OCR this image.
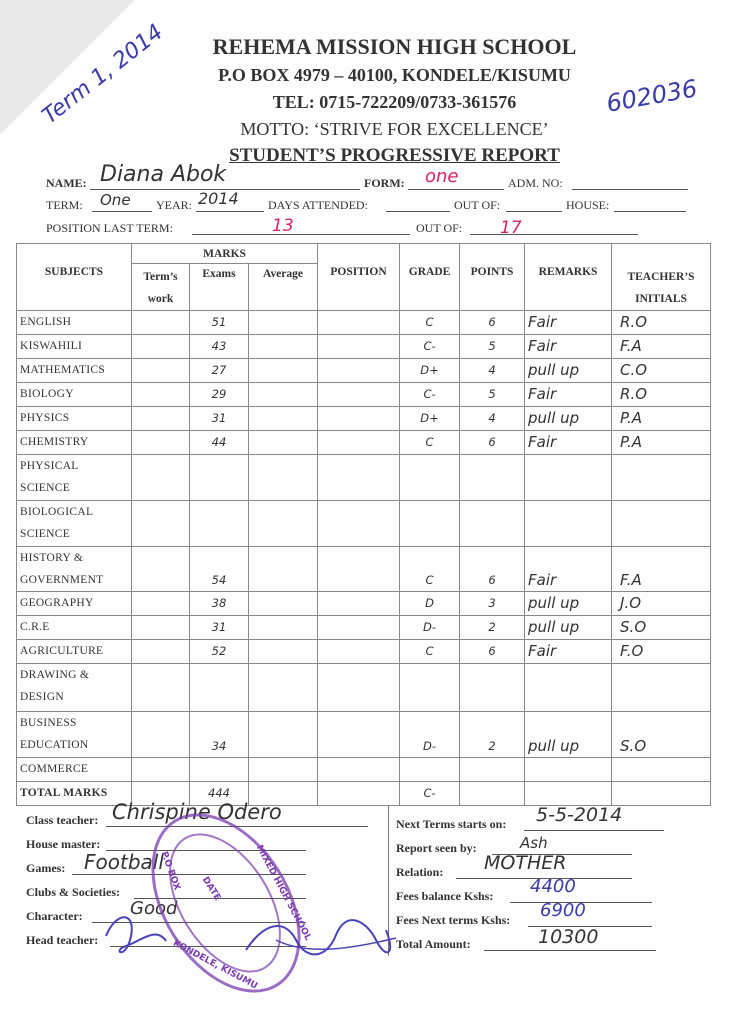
Term 1, 2014	602036
REHEMA MISSION HIGH SCHOOL
P.O BOX 4979 – 40100, KONDELE/KISUMU
TEL: 0715-722209/0733-361576
MOTTO: ‘STRIVE FOR EXCELLENCE’
STUDENT’S PROGRESSIVE REPORT
NAME: Diana Abok	FORM: one	ADM. NO:
TERM: One YEAR: 2014 DAYS ATTENDED:	OUT OF:	HOUSE:
POSITION LAST TERM:	13	OUT OF: 17
SUBJECTS	MARKS			POSITION	GRADE	POINTS	REMARKS	TEACHER’S INITIALS
	Term’s work	Exams	Average					
ENGLISH		51			C	6	Fair	R.O
KISWAHILI		43			C-	5	Fair	F.A
MATHEMATICS		27			D+	4	pull up	C.O
BIOLOGY		29			C-	5	Fair	R.O
PHYSICS		31			D+	4	pull up	P.A
CHEMISTRY		44			C	6	Fair	P.A
PHYSICAL SCIENCE								
BIOLOGICAL SCIENCE								
HISTORY & GOVERNMENT		54			C	6	Fair	F.A
GEOGRAPHY		38			D	3	pull up	J.O
C.R.E		31			D-	2	pull up	S.O
AGRICULTURE		52			C	6	Fair	F.O
DRAWING & DESIGN								
BUSINESS EDUCATION		34			D-	2	pull up	S.O
COMMERCE								
TOTAL MARKS		444			C-			
Class teacher: Chrispine Odero
House master:
Games: Football
Clubs & Societies:
Character:	Good
Head teacher:
Next Terms starts on: 5-5-2014
Report seen by:	Ash
Relation: MOTHER
Fees balance Kshs: 4400
Fees Next terms Kshs: 6900
Total Amount:	10300
MIXED HIGH SCHOOL
DATE
P.O BOX
KONDELE, KISUMU
